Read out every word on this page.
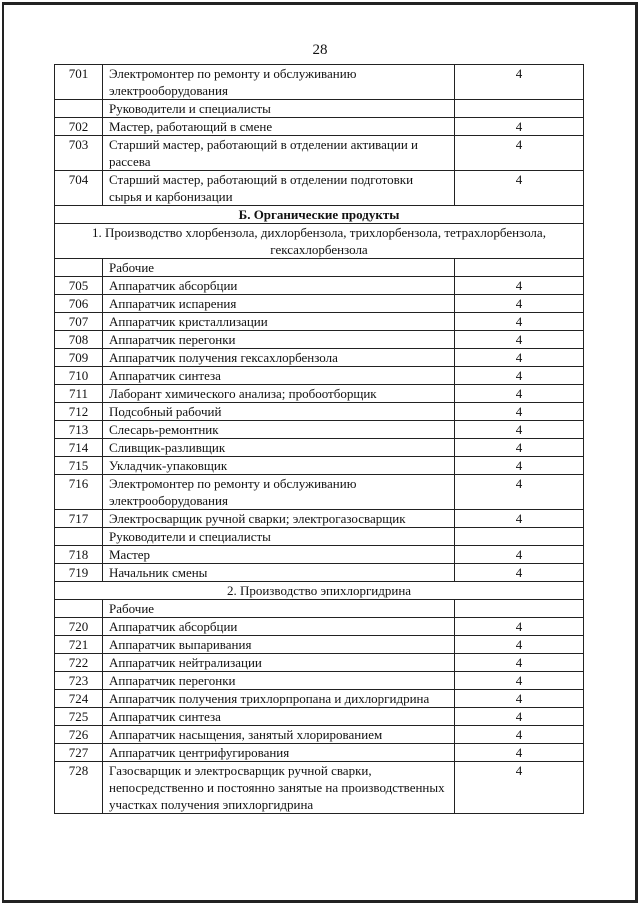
28
701	Электромонтер по ремонту и обслуживанию электрооборудования	4
	Руководители и специалисты	
702	Мастер, работающий в смене	4
703	Старший мастер, работающий в отделении активации и рассева	4
704	Старший мастер, работающий в отделении подготовки сырья и карбонизации	4
Б. Органические продукты		
1. Производство хлорбензола, дихлорбензола, трихлорбензола, тетрахлорбензола, гексахлорбензола		
	Рабочие	
705	Аппаратчик абсорбции	4
706	Аппаратчик испарения	4
707	Аппаратчик кристаллизации	4
708	Аппаратчик перегонки	4
709	Аппаратчик получения гексахлорбензола	4
710	Аппаратчик синтеза	4
711	Лаборант химического анализа; пробоотборщик	4
712	Подсобный рабочий	4
713	Слесарь-ремонтник	4
714	Сливщик-разливщик	4
715	Укладчик-упаковщик	4
716	Электромонтер по ремонту и обслуживанию электрооборудования	4
717	Электросварщик ручной сварки; электрогазосварщик	4
	Руководители и специалисты	
718	Мастер	4
719	Начальник смены	4
2. Производство эпихлоргидрина		
	Рабочие	
720	Аппаратчик абсорбции	4
721	Аппаратчик выпаривания	4
722	Аппаратчик нейтрализации	4
723	Аппаратчик перегонки	4
724	Аппаратчик получения трихлорпропана и дихлоргидрина	4
725	Аппаратчик синтеза	4
726	Аппаратчик насыщения, занятый хлорированием	4
727	Аппаратчик центрифугирования	4
728	Газосварщик и электросварщик ручной сварки, непосредственно и постоянно занятые на производственных участках получения эпихлоргидрина	4
